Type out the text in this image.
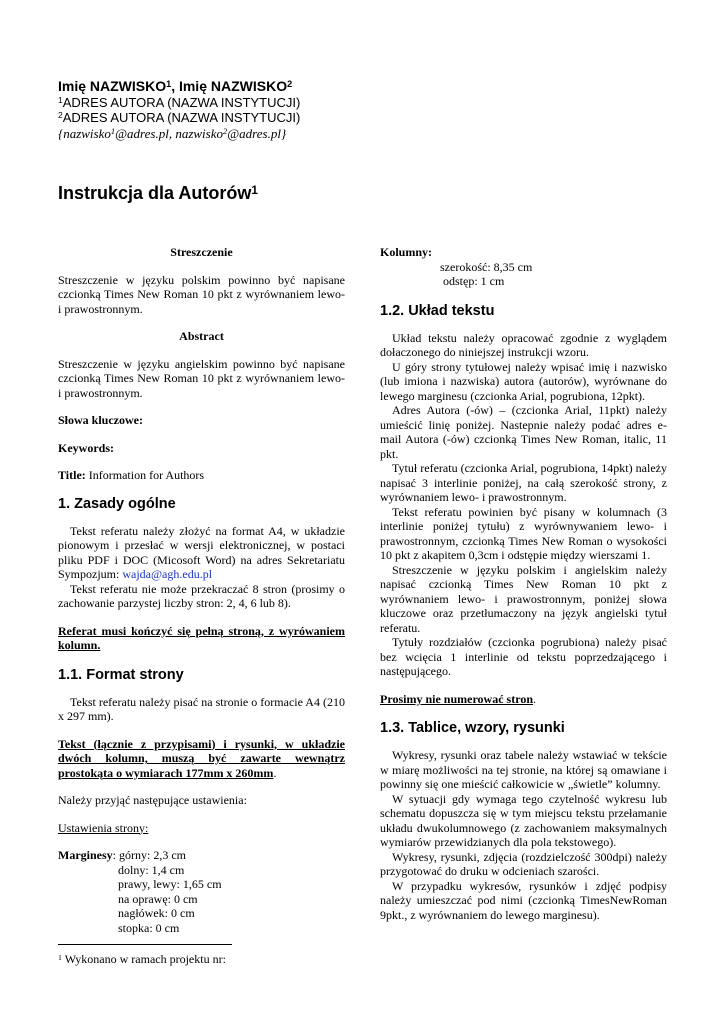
Imię NAZWISKO$^1$, Imię NAZWISKO$^2$
$^1$ADRES AUTORA (NAZWA INSTYTUCJI)
$^2$ADRES AUTORA (NAZWA INSTYTUCJI)
{nazwisko$^1$@adres.pl, nazwisko$^2$@adres.pl}
Instrukcja dla Autorów$^1$

Streszczenie

Streszczenie w języku polskim powinno być napisane czcionką Times New Roman 10 pkt z wyrównaniem lewo- i prawostronnym.

Abstract

Streszczenie w języku angielskim powinno być napisane czcionką Times New Roman 10 pkt z wyrównaniem lewo- i prawostronnym.

Słowa kluczowe:

Keywords:

Title: Information for Authors

1. Zasady ogólne

Tekst referatu należy złożyć na format A4, w układzie pionowym i przesłać w wersji elektronicznej, w postaci pliku PDF i DOC (Micosoft Word) na adres Sekretariatu Sympozjum: wajda@agh.edu.pl

Tekst referatu nie może przekraczać 8 stron (prosimy o zachowanie parzystej liczby stron: 2, 4, 6 lub 8).

Referat musi kończyć się pełną stroną, z wyrówaniem kolumn.

1.1. Format strony

Tekst referatu należy pisać na stronie o formacie A4 (210 x 297 mm).

Tekst (łącznie z przypisami) i rysunki, w układzie dwóch kolumn, muszą być zawarte wewnątrz prostokąta o wymiarach 177mm x 260mm.

Należy przyjąć następujące ustawienia:

Ustawienia strony:

Marginesy: górny: 2,3 cm
dolny: 1,4 cm
prawy, lewy: 1,65 cm
na oprawę: 0 cm
nagłówek: 0 cm
stopka: 0 cm

Kolumny:

szerokość: 8,35 cm

odstęp: 1 cm

1.2. Układ tekstu

Układ tekstu należy opracować zgodnie z wyglądem dołaczonego do niniejszej instrukcji wzoru.

U góry strony tytułowej należy wpisać imię i nazwisko (lub imiona i nazwiska) autora (autorów), wyrównane do lewego marginesu (czcionka Arial, pogrubiona, 12pkt).

Adres Autora (-ów) – (czcionka Arial, 11pkt) należy umieścić linię poniżej. Nastepnie należy podać adres e-mail Autora (-ów) czcionką Times New Roman, italic, 11 pkt.

Tytuł referatu (czcionka Arial, pogrubiona, 14pkt) należy napisać 3 interlinie poniżej, na całą szerokość strony, z wyrównaniem lewo- i prawostronnym.

Tekst referatu powinien być pisany w kolumnach (3 interlinie poniżej tytułu) z wyrównywaniem lewo- i prawostronnym, czcionką Times New Roman o wysokości 10 pkt z akapitem 0,3cm i odstępie między wierszami 1.

Streszczenie w języku polskim i angielskim należy napisać czcionką Times New Roman 10 pkt z wyrównaniem lewo- i prawostronnym, poniżej słowa kluczowe oraz przetłumaczony na język angielski tytuł referatu.

Tytuły rozdziałów (czcionka pogrubiona) należy pisać bez wcięcia 1 interlinie od tekstu poprzedzającego i następującego.

Prosimy nie numerować stron.

1.3. Tablice, wzory, rysunki

Wykresy, rysunki oraz tabele należy wstawiać w tekście w miarę możliwości na tej stronie, na której są omawiane i powinny się one mieścić całkowicie w „świetle” kolumny.

W sytuacji gdy wymaga tego czytelność wykresu lub schematu dopuszcza się w tym miejscu tekstu przełamanie układu dwukolumnowego (z zachowaniem maksymalnych wymiarów przewidzianych dla pola tekstowego).

Wykresy, rysunki, zdjęcia (rozdzielczość 300dpi) należy przygotować do druku w odcieniach szarości.

W przypadku wykresów, rysunków i zdjęć podpisy należy umieszczać pod nimi (czcionką TimesNewRoman 9pkt., z wyrównaniem do lewego marginesu).

$^1$ Wykonano w ramach projektu nr:
